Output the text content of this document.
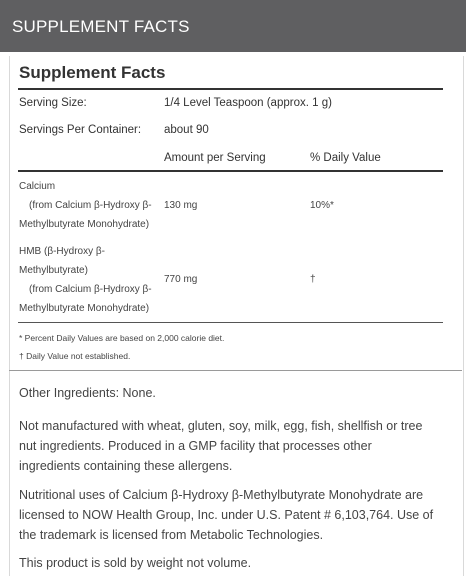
SUPPLEMENT FACTS
Supplement Facts
Serving Size:	1/4 Level Teaspoon (approx. 1 g)
Servings Per Container: about 90
Amount per Serving	% Daily Value
Calcium
(from Calcium β-Hydroxy β-
Methylbutyrate Monohydrate)
130 mg	10%*
HMB (β-Hydroxy β-
Methylbutyrate)
(from Calcium β-Hydroxy β-
Methylbutyrate Monohydrate)
770 mg	†
* Percent Daily Values are based on 2,000 calorie diet.
† Daily Value not established.
Other Ingredients: None.
Not manufactured with wheat, gluten, soy, milk, egg, fish, shellfish or tree
nut ingredients. Produced in a GMP facility that processes other
ingredients containing these allergens.
Nutritional uses of Calcium β-Hydroxy β-Methylbutyrate Monohydrate are
licensed to NOW Health Group, Inc. under U.S. Patent # 6,103,764. Use of
the trademark is licensed from Metabolic Technologies.
This product is sold by weight not volume.
